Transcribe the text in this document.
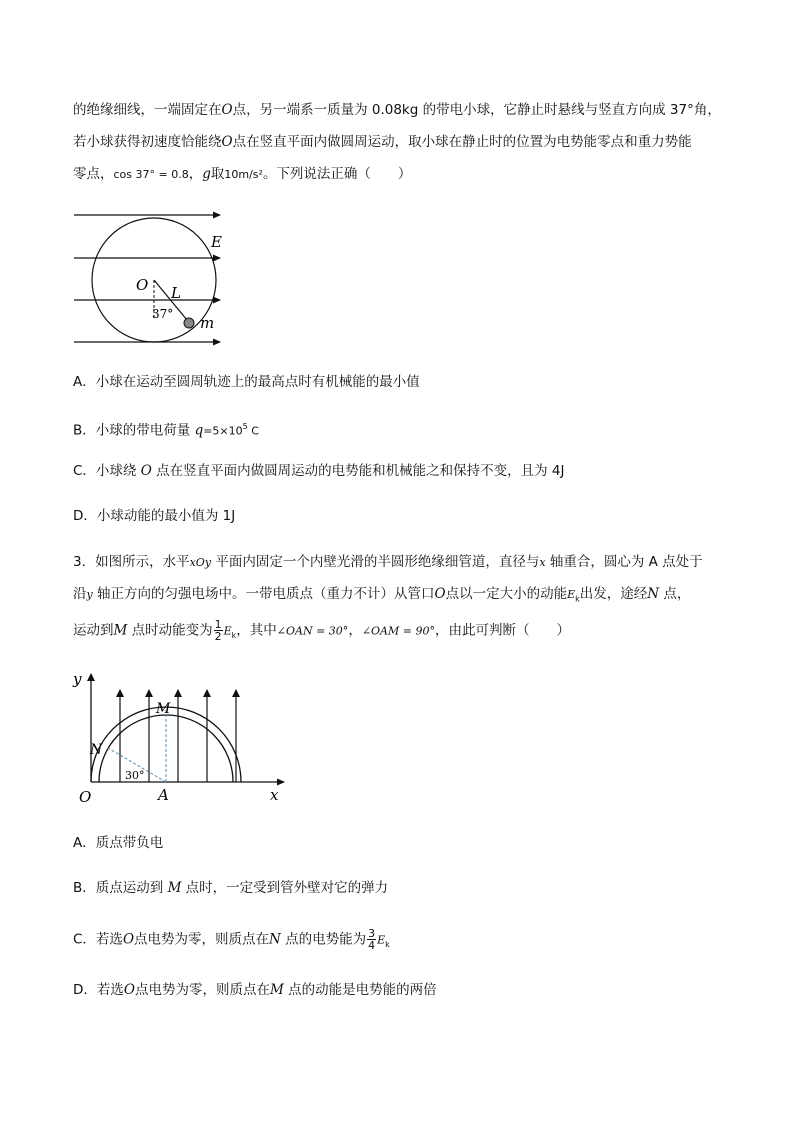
的绝缘细线，一端固定在O点，另一端系一质量为 0.08kg 的带电小球，它静止时悬线与竖直方向成 37°角，
若小球获得初速度恰能绕O点在竖直平面内做圆周运动，取小球在静止时的位置为电势能零点和重力势能
零点，cos 37° = 0.8，g取10m/s²。下列说法正确（　　）
E
O L
m
37°
A．小球在运动至圆周轨迹上的最高点时有机械能的最小值
B．小球的带电荷量 $q=5\times 10^5$ C
C．小球绕 O 点在竖直平面内做圆周运动的电势能和机械能之和保持不变，且为 4J
D．小球动能的最小值为 1J
3．如图所示，水平xOy 平面内固定一个内壁光滑的半圆形绝缘细管道，直径与x 轴重合，圆心为 A 点处于
沿y 轴正方向的匀强电场中。一带电质点（重力不计）从管口O点以一定大小的动能$E_k$出发，途经N 点，
运动到M 点时动能变为 $\frac{1}{2} E_k$，其中∠OAN = 30°，∠OAM = 90°，由此可判断（　　）
y
x
O	A
N
M
30°
A．质点带负电
B．质点运动到 M 点时，一定受到管外壁对它的弹力
C．若选O点电势为零，则质点在N 点的电势能为 $\frac{3}{4} E_k$
D．若选O点电势为零，则质点在M 点的动能是电势能的两倍
